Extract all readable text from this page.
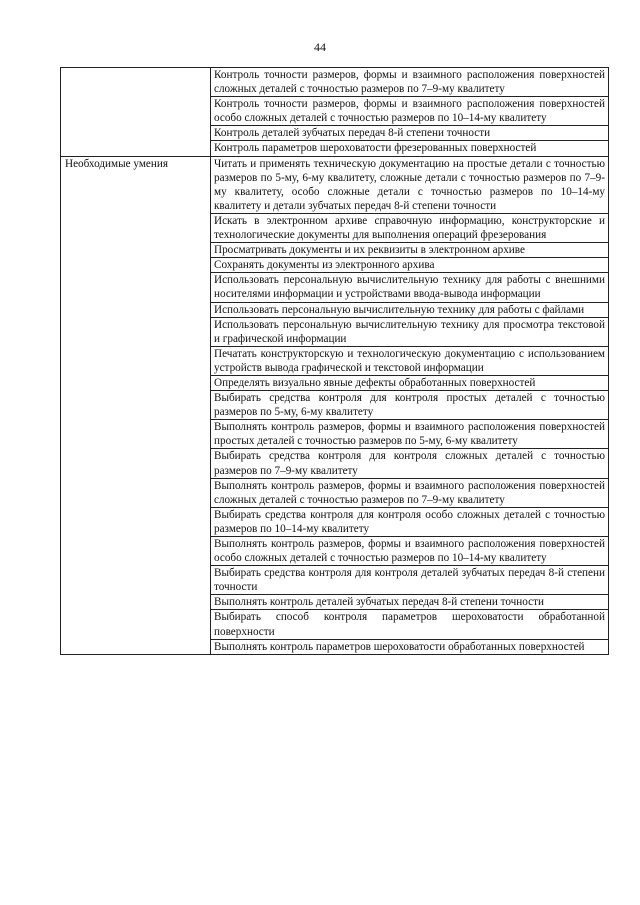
44
	Контроль точности размеров, формы и взаимного расположения поверхностей сложных деталей с точностью размеров по 7–9-му квалитету
	Контроль точности размеров, формы и взаимного расположения поверхностей особо сложных деталей с точностью размеров по 10–14-му квалитету
	Контроль деталей зубчатых передач 8-й степени точности
	Контроль параметров шероховатости фрезерованных поверхностей
Необходимые умения	Читать и применять техническую документацию на простые детали с точностью размеров по 5-му, 6-му квалитету, сложные детали с точностью размеров по 7–9-му квалитету, особо сложные детали с точностью размеров по 10–14-му квалитету и детали зубчатых передач 8-й степени точности
	Искать в электронном архиве справочную информацию, конструкторские и технологические документы для выполнения операций фрезерования
	Просматривать документы и их реквизиты в электронном архиве
	Сохранять документы из электронного архива
	Использовать персональную вычислительную технику для работы с внешними носителями информации и устройствами ввода-вывода информации
	Использовать персональную вычислительную технику для работы с файлами
	Использовать персональную вычислительную технику для просмотра текстовой и графической информации
	Печатать конструкторскую и технологическую документацию с использованием устройств вывода графической и текстовой информации
	Определять визуально явные дефекты обработанных поверхностей
	Выбирать средства контроля для контроля простых деталей с точностью размеров по 5-му, 6-му квалитету
	Выполнять контроль размеров, формы и взаимного расположения поверхностей простых деталей с точностью размеров по 5-му, 6-му квалитету
	Выбирать средства контроля для контроля сложных деталей с точностью размеров по 7–9-му квалитету
	Выполнять контроль размеров, формы и взаимного расположения поверхностей сложных деталей с точностью размеров по 7–9-му квалитету
	Выбирать средства контроля для контроля особо сложных деталей с точностью размеров по 10–14-му квалитету
	Выполнять контроль размеров, формы и взаимного расположения поверхностей особо сложных деталей с точностью размеров по 10–14-му квалитету
	Выбирать средства контроля для контроля деталей зубчатых передач 8-й степени точности
	Выполнять контроль деталей зубчатых передач 8-й степени точности
	Выбирать способ контроля параметров шероховатости обработанной поверхности
	Выполнять контроль параметров шероховатости обработанных поверхностей
